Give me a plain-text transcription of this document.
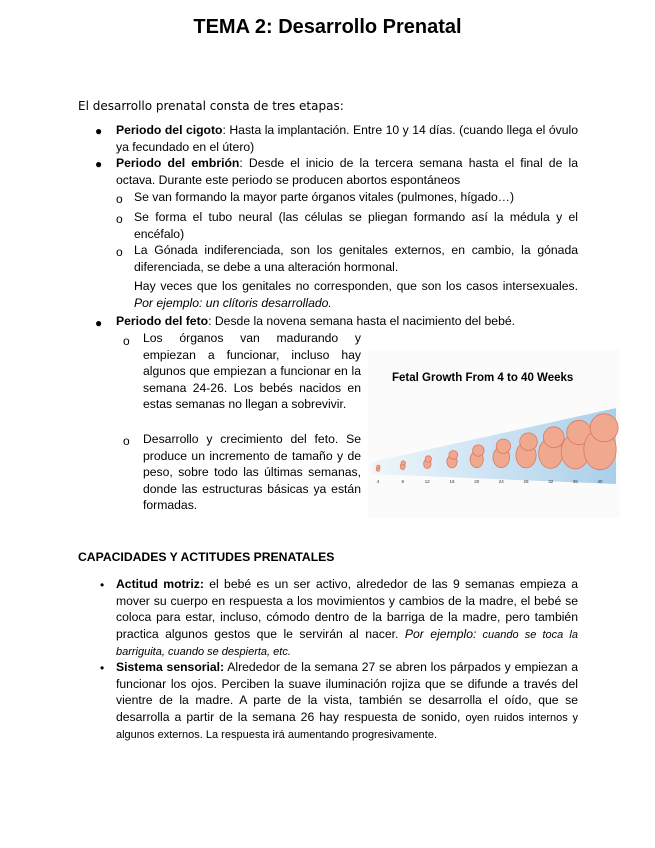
TEMA 2: Desarrollo Prenatal
El desarrollo prenatal consta de tres etapas:
● Periodo del cigoto: Hasta la implantación. Entre 10 y 14 días. (cuando llega el óvulo ya fecundado en el útero)
● Periodo del embrión: Desde el inicio de la tercera semana hasta el final de la octava. Durante este periodo se producen abortos espontáneos
o Se van formando la mayor parte órganos vitales (pulmones, hígado…)
o Se forma el tubo neural (las células se pliegan formando así la médula y el encéfalo)
o La Gónada indiferenciada, son los genitales externos, en cambio, la gónada diferenciada, se debe a una alteración hormonal.
Hay veces que los genitales no corresponden, que son los casos intersexuales. Por ejemplo: un clítoris desarrollado.
● Periodo del feto: Desde la novena semana hasta el nacimiento del bebé.
o Los órganos van madurando y empiezan a funcionar, incluso hay algunos que empiezan a funcionar en la semana 24-26. Los bebés nacidos en estas semanas no llegan a sobrevivir.
o Desarrollo y crecimiento del feto. Se produce un incremento de tamaño y de peso, sobre todo las últimas semanas, donde las estructuras básicas ya están formadas.
Fetal Growth From 4 to 40 Weeks
4	8	12	16	20	24	28	32	36	40
CAPACIDADES Y ACTITUDES PRENATALES
• Actitud motriz: el bebé es un ser activo, alrededor de las 9 semanas empieza a mover su cuerpo en respuesta a los movimientos y cambios de la madre, el bebé se coloca para estar, incluso, cómodo dentro de la barriga de la madre, pero también practica algunos gestos que le servirán al nacer. Por ejemplo: cuando se toca la barriguita, cuando se despierta, etc.
• Sistema sensorial: Alrededor de la semana 27 se abren los párpados y empiezan a funcionar los ojos. Perciben la suave iluminación rojiza que se difunde a través del vientre de la madre. A parte de la vista, también se desarrolla el oído, que se desarrolla a partir de la semana 26 hay respuesta de sonido, oyen ruidos internos y algunos externos. La respuesta irá aumentando progresivamente.
